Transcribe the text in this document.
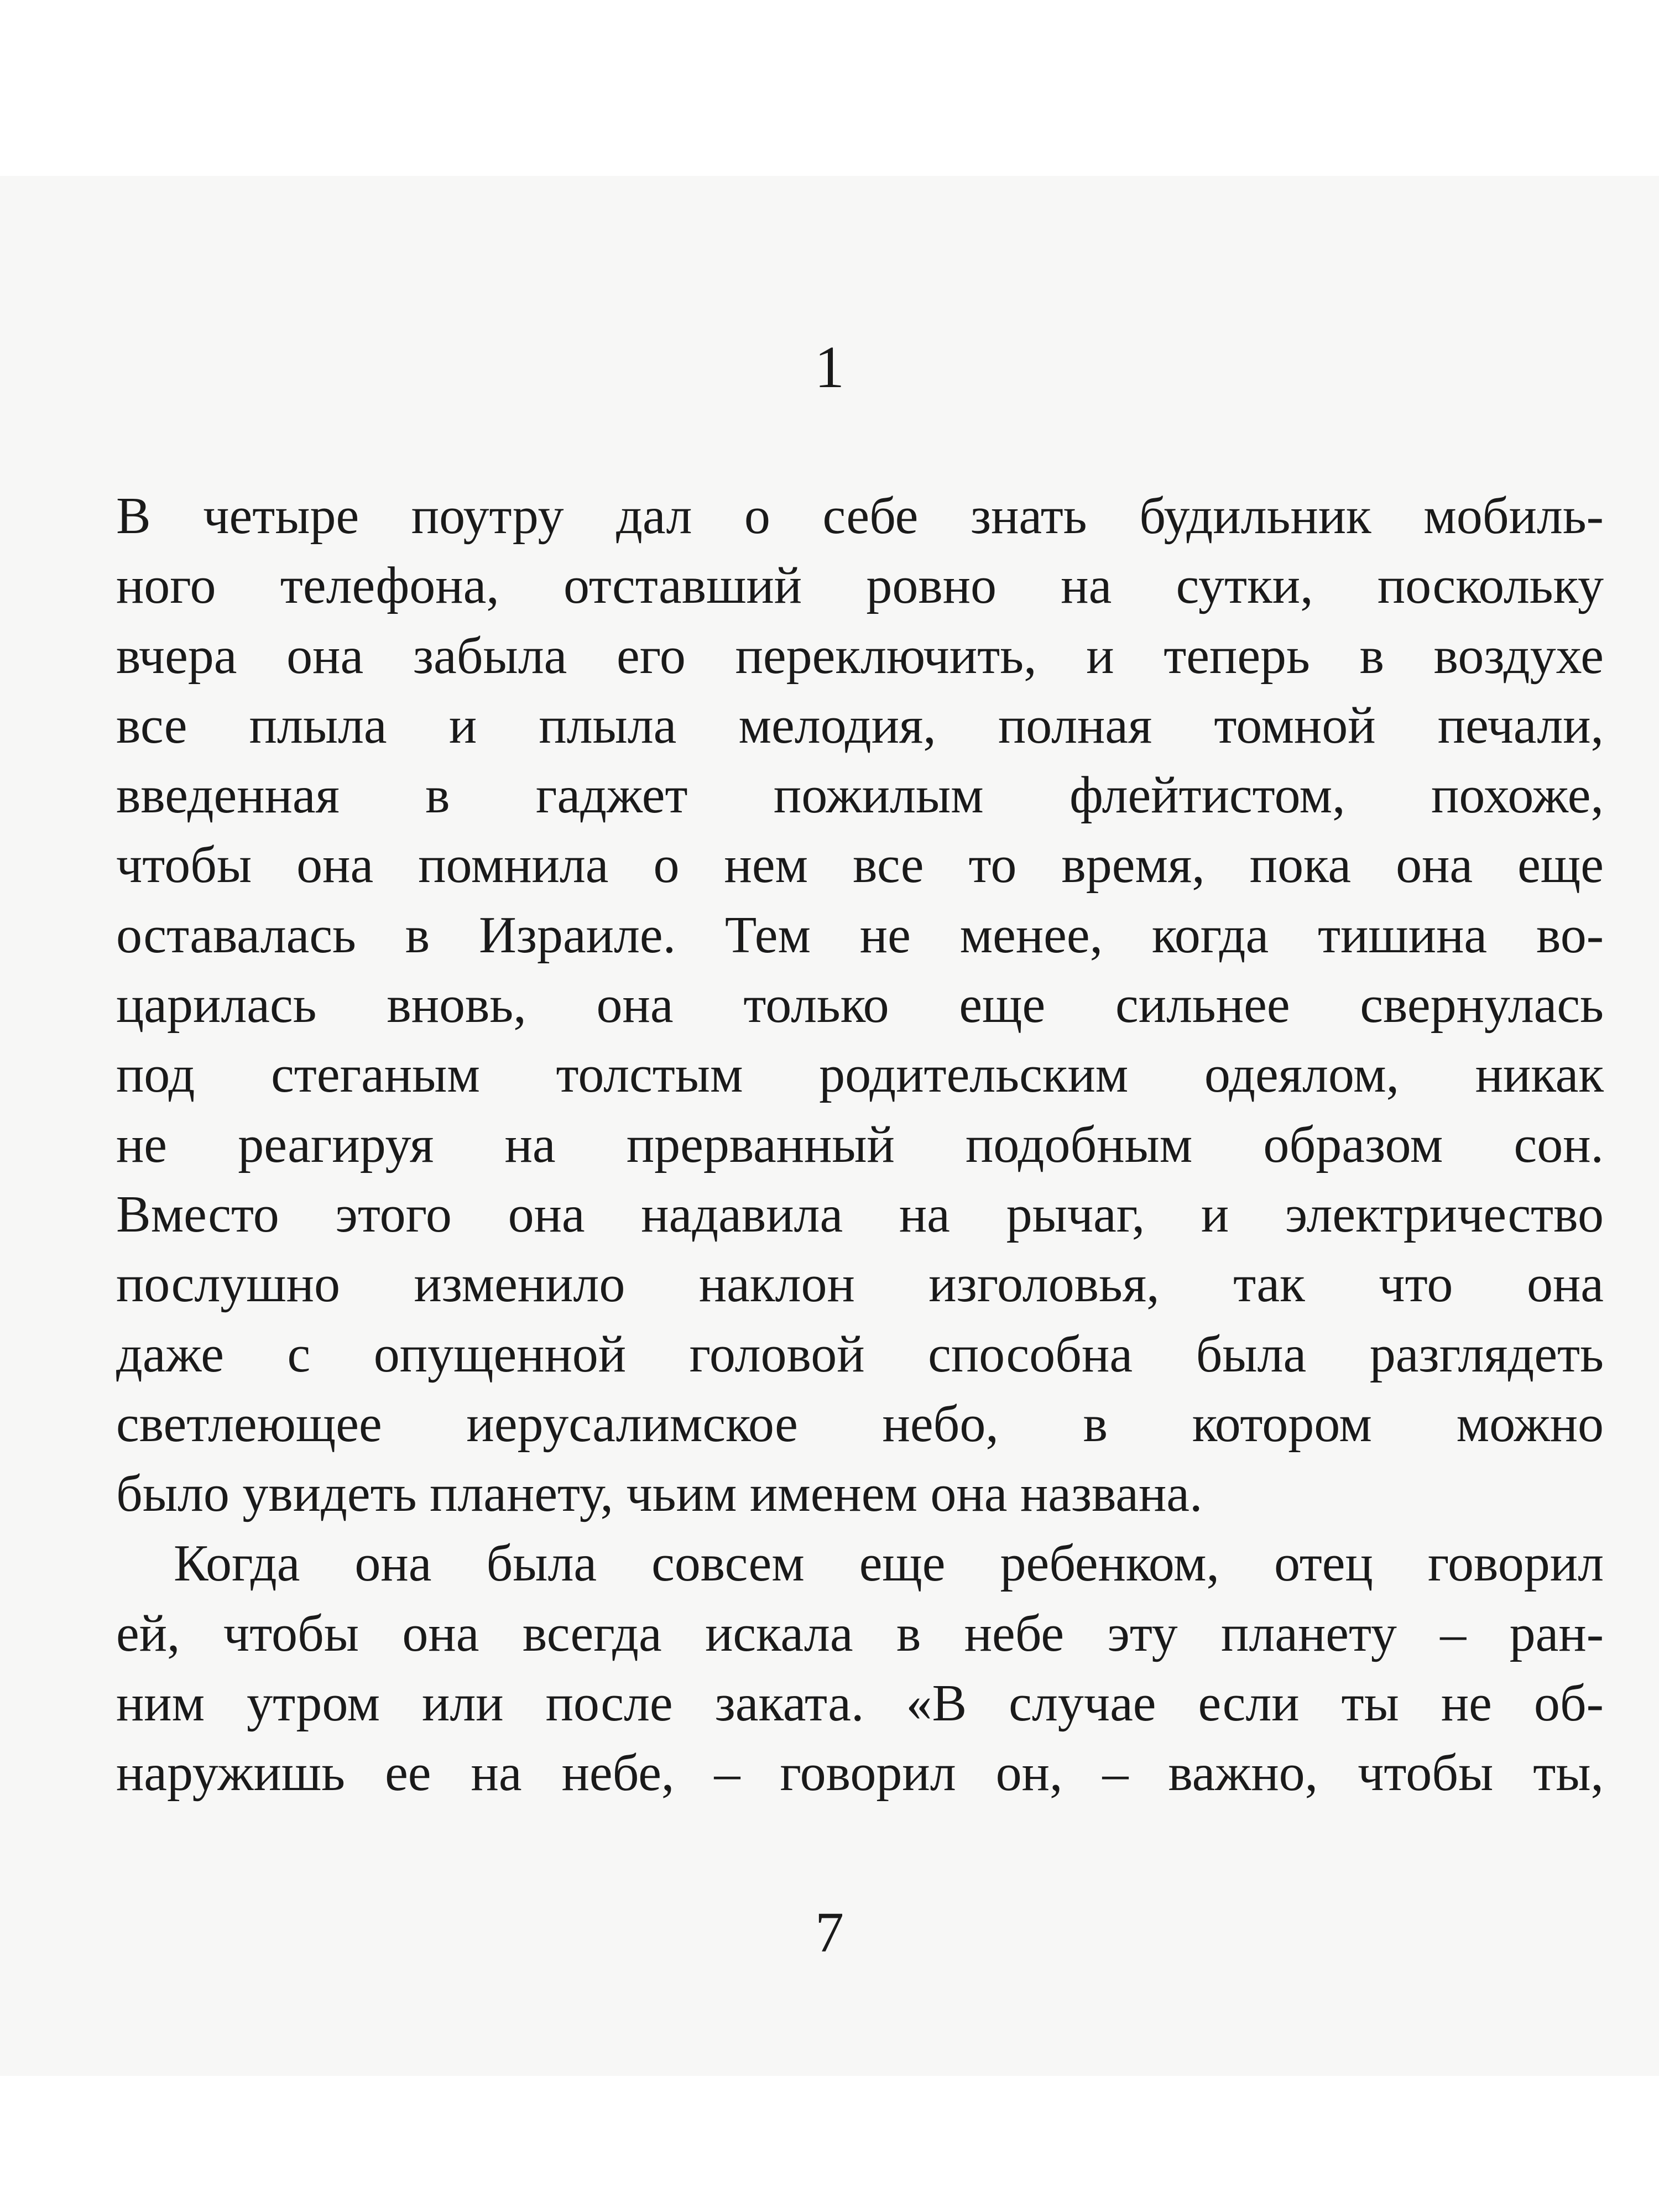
1
В четыре поутру дал о себе знать будильник мобиль-
ного телефона, отставший ровно на сутки, поскольку
вчера она забыла его переключить, и теперь в воздухе
все плыла и плыла мелодия, полная томной печали,
введенная в гаджет пожилым флейтистом, похоже,
чтобы она помнила о нем все то время, пока она еще
оставалась в Израиле. Тем не менее, когда тишина во-
царилась вновь, она только еще сильнее свернулась
под стеганым толстым родительским одеялом, никак
не реагируя на прерванный подобным образом сон.
Вместо этого она надавила на рычаг, и электричество
послушно изменило наклон изголовья, так что она
даже с опущенной головой способна была разглядеть
светлеющее иерусалимское небо, в котором можно
было увидеть планету, чьим именем она названа.
Когда она была совсем еще ребенком, отец говорил
ей, чтобы она всегда искала в небе эту планету – ран-
ним утром или после заката. «В случае если ты не об-
наружишь ее на небе, – говорил он, – важно, чтобы ты,
7
